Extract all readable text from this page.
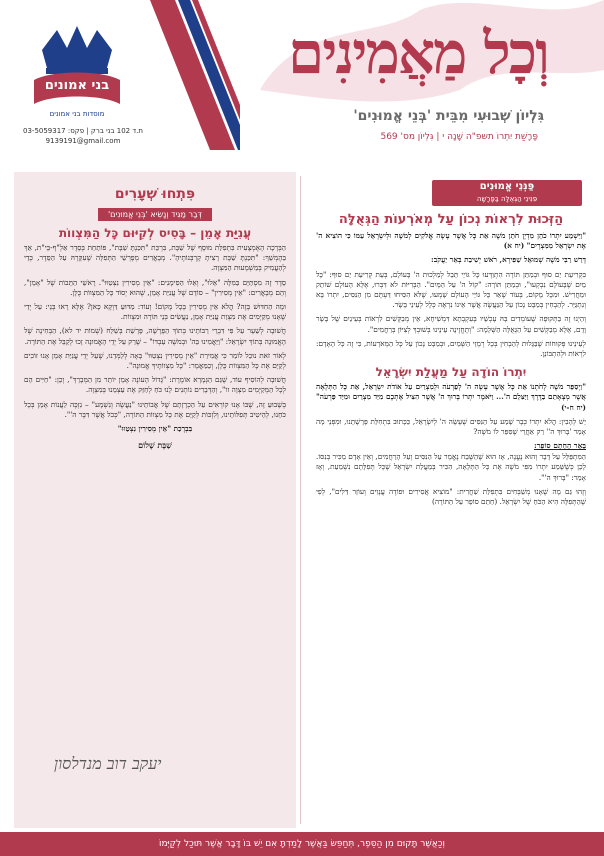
בני אמונים
מוסדות בני אמונים
ת.ד 102 בני ברק | פקס: 03-5059317
9139191@gmail.com
וְכָל מַאֲמִינִים
גִּלְיוֹן שְׁבוּעִי מִבֵּית 'בְּנֵי אֱמוּנִים'
פָּרָשַׁת יִתְרוֹ תשפ"ה שָׁנָה י | גִּלְיוֹן מס' 569
פַּנְּנֵי אֱמוּנִים
פִּנִּינֵי הַגְּאֻלָּה בַּפָּרָשָׁה
הַזְּכוּת לִרְאוֹת נְכוֹן עַל מְאֹרְעוֹת הַגְּאֻלָּה

"וַיִּשְׁמַע יִתְרוֹ כֹהֵן מִדְיָן חֹתֵן מֹשֶׁה אֵת כָּל אֲשֶׁר עָשָׂה אֱלֹקִים לְמֹשֶׁה וּלְיִשְׂרָאֵל עַמּוֹ כִּי הוֹצִיא ה' אֶת יִשְׂרָאֵל מִמִּצְרָיִם" (יח א)

דָּרַשׁ רַבִּי מֹשֶׁה שְׁמוּאֵל שַׁפִּירָא, רֹאשׁ יְשִׁיבַת בְּאֵר יַעֲקֹב:

בִּקְרִיעַת יַם סוּף וּבְמַתַּן תּוֹרָה הִתְוַדְּעוּ כָּל גּוֹיֵי תֵּבֵל לְמַלְכוּת ה' בָּעוֹלָם, בְּעֵת קְרִיעַת יַם סוּף: "כָּל מַיִם שֶׁבָּעוֹלָם נִבְקְעוּ", וּבְמַתַּן תּוֹרָה: "קוֹל ה' עַל הַמָּיִם". הַבְּרִיּוֹת לֹא דִּבְּרוּ, אֶלָּא הָעוֹלָם שׁוֹתֵק וּמַחֲרִישׁ. וּמִכָּל מָקוֹם, בְּעוֹד שֶׁאַר כָּל גּוֹיֵי הָעוֹלָם שָׁמְעוּ, שֶׁלֹּא הִסִּיחוּ דַּעְתָּם מִן הַנִּסִּים, יִתְרוֹ בָּא וְנִתְגַּיֵּר. לְהַבְחִין בְּמַבָּט נָכוֹן עַל הַנַּעֲשֶׂה אֲשֶׁר אֵינוֹ נִרְאֶה כְּלָל לְעֵינֵי בָּשָׂר.

וְהַיְנוּ זֶה בַּתְּקוּפָה שֶׁעוֹמְדִים בָּהּ עָכְשָׁיו בְּעִקְבְתָא דִּמְשִׁיחָא, אֵין מְבַקְּשִׁים לִרְאוֹת בְּעֵינַיִם שֶׁל בָּשָׂר וָדָם, אֶלָּא מְבַקְּשִׁים עַל הַגְּאֻלָּה הַשְּׁלֵמָה: "וְתֶחֱזֶינָה עֵינֵינוּ בְּשׁוּבְךָ לְצִיּוֹן בְּרַחֲמִים".

לְעֵינֵינוּ פְּקוּחוֹת שֶׁבַּגָּלוּת לְהַבְחִין בְּכָל רְמָזֵי הַשְּׁמַיִם, וּבְמַבָּט נָכוֹן עַל כָּל הַמְּאֹרָעוֹת, כִּי זֶה כָּל הָאָדָם: לִרְאוֹת וּלְהִתְבּוֹנֵן.

יִתְרוֹ הוֹדָה עַל מַעֲלַת יִשְׂרָאֵל

"וַיְסַפֵּר מֹשֶׁה לְחֹתְנוֹ אֵת כָּל אֲשֶׁר עָשָׂה ה' לְפַרְעֹה וּלְמִצְרַיִם עַל אוֹדֹת יִשְׂרָאֵל, אֵת כָּל הַתְּלָאָה אֲשֶׁר מְצָאָתַם בַּדֶּרֶךְ וַיַּצִּלֵם ה'... וַיֹּאמֶר יִתְרוֹ בָּרוּךְ ה' אֲשֶׁר הִצִּיל אֶתְכֶם מִיַּד מִצְרַיִם וּמִיַּד פַּרְעֹה" (יח ח-י)

יֵשׁ לְהָבִין: הֲלֹא יִתְרוֹ כְּבָר שָׁמַע עַל הַנִּסִּים שֶׁעָשָׂה ה' לְיִשְׂרָאֵל, כַּכָּתוּב בִּתְחִלַּת פָּרָשָׁתֵנוּ, וּמִפְּנֵי מָה אָמַר 'בָּרוּךְ ה'' רַק אַחֲרֵי שֶׁסִּפֵּר לוֹ מֹשֶׁה?

בֵּאֵר הַחַתַם סוֹפֵר:

הַמִּתְפַּלֵּל עַל דָּבָר וְהוּא נֶעֱנֶה, אָז הוּא שֶׁהַשֶּׁבַח נֶאֱמָר עַל הַנִּסִּים וְעַל הָרַחֲמִים, וְאֵין אָדָם מַכִּיר בְּנִסּוֹ. לָכֵן כְּשֶׁשָּׁמַע יִתְרוֹ מִפִּי מֹשֶׁה אֶת כָּל הַתְּלָאָה, הִכִּיר בְּמַעֲלַת יִשְׂרָאֵל שֶׁכָּל תְּפִלָּתָם נִשְׁמַעַת, וְאָז אָמַר: "בָּרוּךְ ה'".

וְזֶהוּ גַּם מָה שֶׁאָנוּ מְשַׁבְּחִים בִּתְפִלַּת שַׁחֲרִית: "מוֹצִיא אֲסִירִים וּפוֹדֶה עֲנָוִים וְעוֹזֵר דַּלִּים", לְפִי שֶׁהַתְּפִלָּה הִיא הַכֹּחַ שֶׁל יִשְׂרָאֵל. (חַתַם סוֹפֵר עַל הַתּוֹרָה)

פִּתְחוּ שְׁעָרִים
דְּבַר מַגִּיד וְנָשִׂיא 'בְּנֵי אֱמוּנִים'
עֲנִיַּת אָמֵן – בָּסִיס לְקִיּוּם כָּל הַמִּצְווֹת

הַבְּרָכָה הָאֶמְצָעִית בִּתְפִלַּת מוּסָף שֶׁל שַׁבָּת, בִּרְכַּת "תִּכַּנְתָּ שַׁבָּת", פּוֹתַחַת בְּסֵדֶר אַלְ"ף-בֵּי"ת, אַךְ בַּהֶמְשֵׁךְ: "תִּכַּנְתָּ שַׁבָּת רָצִיתָ קָרְבְּנוֹתֶיהָ". מְבָאֲרִים מְפָרְשֵׁי הַתְּפִלָּה שֶׁעִקָּרָהּ עַל הַסֵּדֶר, כְּדֵי לְהַעֲמִיק בְּמַשְׁמָעוּת הַמִּצְוָה.

סֵדֶר זֶה מִסְתַּיֵּם בַּמִּלָּה "אֵלוּ", וְאֵלוּ הַסִּימָנִים: "אֵין מְסִירִין נִצְטַוּוּ". רָאשֵׁי הַתֵּבוֹת שֶׁל "אָמֵן", וְהֵם מְבָאֲרִים: "אֵין מְסִירִין" – סוֹדָם שֶׁל עֲנִיַּת אָמֵן, שֶׁהוּא יְסוֹד כָּל הַמִּצְווֹת כֻּלָּן.

וּמָה הַחִדּוּשׁ בָּזֶה? הֲלֹא אֵין מְסִירִין בָּכָל מָקוֹם! וְעוֹד: מַדּוּעַ דַּוְקָא כָּאן? אֶלָּא רָאוּ בְּנֵי: עַל יְדֵי שֶׁאָנוּ מְקַיְּמִים אֶת מִצְוַת עֲנִיַּת אָמֵן, נַעֲשִׂים בְּנֵי תּוֹרָה וּמִצְווֹת.

חֲשׁוּבָה לְשַׁעֵר עַל פִּי דִּבְרֵי רַבּוֹתֵינוּ בְּתוֹךְ הַפָּרָשָׁה, פָּרָשַׁת בְּשַׁלַּח (שְׁמוֹת יד לא), הַבְּחִינָה שֶׁל הָאֱמוּנָה בְּתוֹךְ יִשְׂרָאֵל: "וַיַּאֲמִינוּ בַּה' וּבְמֹשֶׁה עַבְדּוֹ" – שֶׁרַק עַל יְדֵי הָאֱמוּנָה זָכוּ לְקַבֵּל אֶת הַתּוֹרָה.

לְאוֹר זֹאת נוּכַל לוֹמַר כִּי אֲמִירַת "אֵין מְסִירִין נִצְטַוּוּ" בָּאָה לְלַמְּדֵנוּ, שֶׁעַל יְדֵי עֲנִיַּת אָמֵן אָנוּ זוֹכִים לְקַיֵּם אֶת כָּל הַמִּצְווֹת כֻּלָּן, וְכַמַּאֲמָר: "כָּל מִצְווֹתֶיךָ אֱמוּנָה".

חֲשׁוּבָה לְהוֹסִיף עוֹד, שֶׁגַּם הַגְּמָרָא אוֹמֶרֶת: "גָּדוֹל הָעוֹנֶה אָמֵן יוֹתֵר מִן הַמְּבָרֵךְ", וְכֵן: "חַיִּים הֵם לְכָל הַמְּקַיְּמִים מִצְוָה זוֹ", וְהַדְּבָרִים נוֹתְנִים לָנוּ כֹּחַ לְחַזֵּק אֶת עַצְמֵנוּ בְּמִצְוָה.

בְּשָׁבוּעַ זֶה, שֶׁבּוֹ אָנוּ קוֹרְאִים עַל הַכְרָזָתָם שֶׁל אֲבוֹתֵינוּ "נַעֲשֶׂה וְנִשְׁמָע" – נִזְכֶּה לַעֲנוֹת אָמֵן בְּכָל כֹּחֵנוּ, לְהֵיטִיב תְּפִלּוֹתֵינוּ, וְלִזְכּוֹת לְקַיֵּם אֶת כָּל מִצְווֹת הַתּוֹרָה, "כְּכֹל אֲשֶׁר דִּבֶּר ה'".

בִּבְרָכַת "אֵין מְסִירִין נִצְטַוּוּ"

שַׁבָּת שָׁלוֹם
יעקב דוב מנדלסון
וְכַאֲשֶׁר תָּקוּם מִן הַסֵּפֶר, תְּחַפֵּשׂ בַּאֲשֶׁר לָמַדְתָּ אִם יֵשׁ בּוֹ דָּבָר אֲשֶׁר תּוּכַל לְקַיְּמוֹ
